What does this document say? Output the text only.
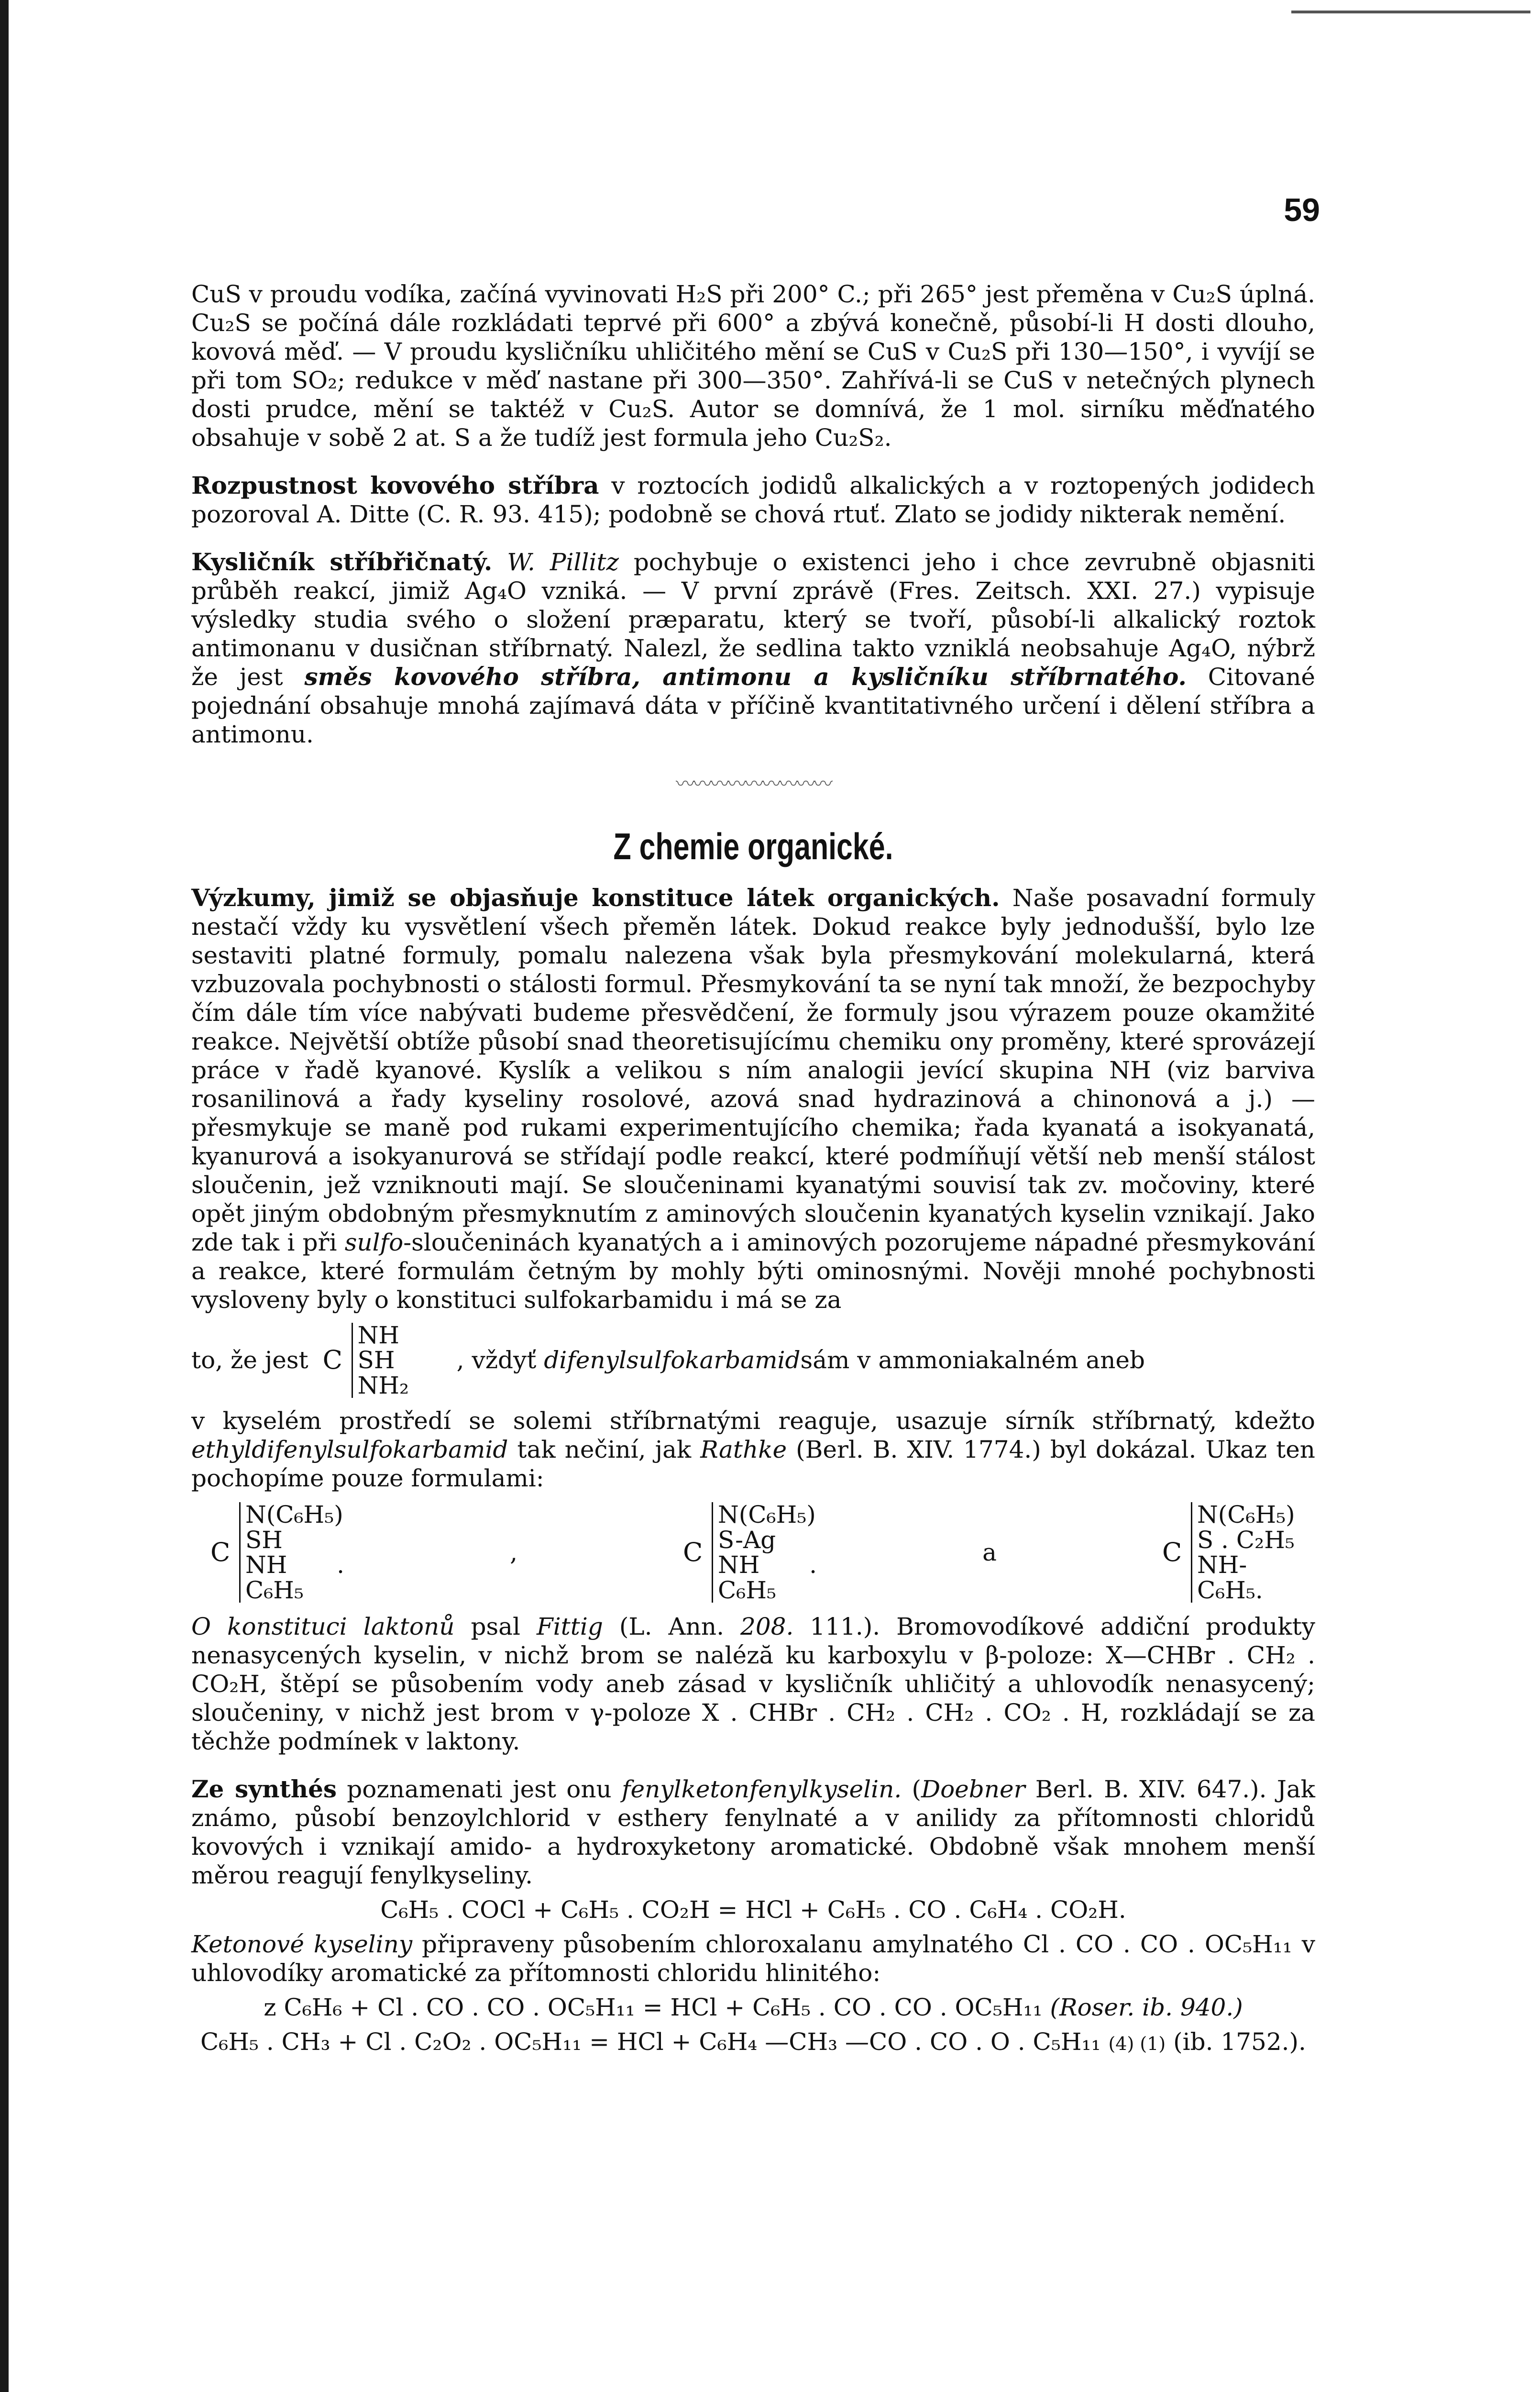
59

CuS v proudu vodíka, začíná vyvinovati H₂S při 200° C.; při 265° jest přeměna v Cu₂S úplná. Cu₂S se počíná dále rozkládati teprvé při 600° a zbývá konečně, působí-li H dosti dlouho, kovová měď. — V proudu kysličníku uhličitého mění se CuS v Cu₂S při 130—150°, i vyvíjí se při tom SO₂; redukce v měď nastane při 300—350°. Zahřívá-li se CuS v netečných plynech dosti prudce, mění se taktéž v Cu₂S. Autor se domnívá, že 1 mol. sirníku měďnatého obsahuje v sobě 2 at. S a že tudíž jest formula jeho Cu₂S₂.

Rozpustnost kovového stříbra v roztocích jodidů alkalických a v roztopených jodidech pozoroval A. Ditte (C. R. 93. 415); podobně se chová rtuť. Zlato se jodidy nikterak nemění.

Kysličník stříbřičnatý. W. Pillitz pochybuje o existenci jeho i chce zevrubně objasniti průběh reakcí, jimiž Ag₄O vzniká. — V první zprávě (Fres. Zeitsch. XXI. 27.) vypisuje výsledky studia svého o složení præparatu, který se tvoří, působí-li alkalický roztok antimonanu v dusičnan stříbrnatý. Nalezl, že sedlina takto vzniklá neobsahuje Ag₄O, nýbrž že jest směs kovového stříbra, antimonu a kysličníku stříbrnatého. Citované pojednání obsahuje mnohá zajímavá dáta v příčině kvantitativného určení i dělení stříbra a antimonu.

〰〰〰〰〰〰〰〰〰
Z chemie organické.

Výzkumy, jimiž se objasňuje konstituce látek organických. Naše posavadní formuly nestačí vždy ku vysvětlení všech přeměn látek. Dokud reakce byly jednodušší, bylo lze sestaviti platné formuly, pomalu nalezena však byla přesmykování molekularná, která vzbuzovala pochybnosti o stálosti formul. Přesmykování ta se nyní tak množí, že bezpochyby čím dále tím více nabývati budeme přesvědčení, že formuly jsou výrazem pouze okamžité reakce. Největší obtíže působí snad theoretisujícímu chemiku ony proměny, které sprovázejí práce v řadě kyanové. Kyslík a velikou s ním analogii jevící skupina NH (viz barviva rosanilinová a řady kyseliny rosolové, azová snad hydrazinová a chinonová a j.) — přesmykuje se maně pod rukami experimentujícího chemika; řada kyanatá a isokyanatá, kyanurová a isokyanurová se střídají podle reakcí, které podmíňují větší neb menší stálost sloučenin, jež vzniknouti mají. Se sloučeninami kyanatými souvisí tak zv. močoviny, které opět jiným obdobným přesmyknutím z aminových sloučenin kyanatých kyselin vznikají. Jako zde tak i při sulfo-sloučeninách kyanatých a i aminových pozorujeme nápadné přesmykování a reakce, které formulám četným by mohly býti ominosnými. Nověji mnohé pochybnosti vysloveny byly o konstituci sulfokarbamidu i má se za

to, že jest C
NH
SH
NH₂
, vždyť
difenylsulfokarbamid sám v ammoniakalném aneb

v kyselém prostředí se solemi stříbrnatými reaguje, usazuje sírník stříbrnatý, kdežto ethyldifenylsulfokarbamid tak nečiní, jak Rathke (Berl. B. XIV. 1774.) byl dokázal. Ukaz ten pochopíme pouze formulami:

C
N(C₆H₅)
SH
NH . C₆H₅
,	C
N(C₆H₅)
S-Ag
NH . C₆H₅
a	C
N(C₆H₅)
S . C₂H₅
NH-C₆H₅.

O konstituci laktonů psal Fittig (L. Ann. 208. 111.). Bromovodíkové addiční produkty nenasycených kyselin, v nichž brom se naléză ku karboxylu v β-poloze: X—CHBr . CH₂ . CO₂H, štěpí se působením vody aneb zásad v kysličník uhličitý a uhlovodík nenasycený; sloučeniny, v nichž jest brom v γ-poloze X . CHBr . CH₂ . CH₂ . CO₂ . H, rozkládají se za těchže podmínek v laktony.

Ze synthés poznamenati jest onu fenylketonfenylkyselin. (Doebner Berl. B. XIV. 647.). Jak známo, působí benzoylchlorid v esthery fenylnaté a v anilidy za přítomnosti chloridů kovových i vznikají amido- a hydroxyketony aromatické. Obdobně však mnohem menší měrou reagují fenylkyseliny.

C₆H₅ . COCl + C₆H₅ . CO₂H = HCl + C₆H₅ . CO . C₆H₄ . CO₂H.

Ketonové kyseliny připraveny působením chloroxalanu amylnatého Cl . CO . CO . OC₅H₁₁ v uhlovodíky aromatické za přítomnosti chloridu hlinitého:

z C₆H₆ + Cl . CO . CO . OC₅H₁₁ = HCl + C₆H₅ . CO . CO . OC₅H₁₁ (Roser. ib. 940.)
C₆H₅ . CH₃ + Cl . C₂O₂ . OC₅H₁₁ = HCl + C₆H₄ —CH₃ —CO . CO . O . C₅H₁₁ (4) (1) (ib. 1752.).
